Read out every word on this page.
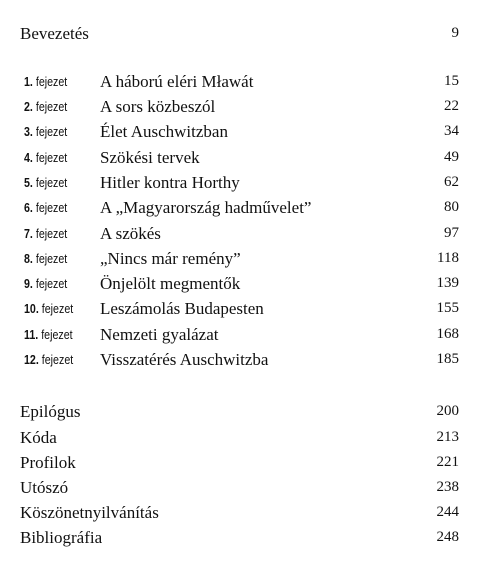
Bevezetés	9
1. fejezet A háború eléri Mławát	15
2. fejezet A sors közbeszól	22
3. fejezet Élet Auschwitzban	34
4. fejezet Szökési tervek	49
5. fejezet Hitler kontra Horthy	62
6. fejezet A „Magyarország hadművelet”	80
7. fejezet A szökés	97
8. fejezet „Nincs már remény”	118
9. fejezet Önjelölt megmentők	139
10. fejezet Leszámolás Budapesten	155
11. fejezet Nemzeti gyalázat	168
12. fejezet Visszatérés Auschwitzba	185
Epilógus	200
Kóda	213
Profilok	221
Utószó	238
Köszönetnyilvánítás	244
Bibliográfia	248
